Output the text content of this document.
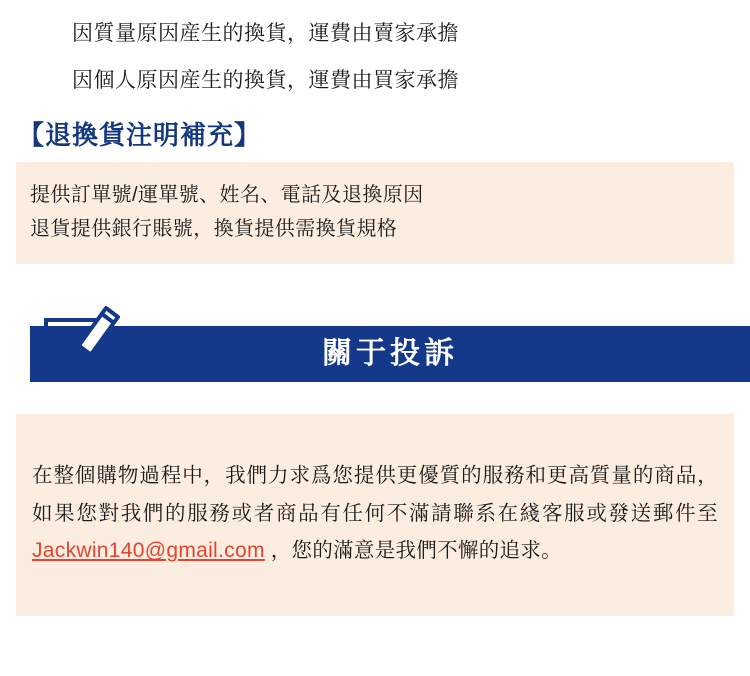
因質量原因産生的換貨，運費由賣家承擔
因個人原因産生的換貨，運費由買家承擔
【退換貨注明補充】
提供訂單號/運單號、姓名、電話及退換原因
退貨提供銀行賬號，換貨提供需換貨規格
關于投訴

在整個購物過程中，我們力求爲您提供更優質的服務和更高質量的商品，如果您對我們的服務或者商品有任何不滿請聯系在綫客服或發送郵件至 Jackwin140@gmail.com ，您的滿意是我們不懈的追求。
